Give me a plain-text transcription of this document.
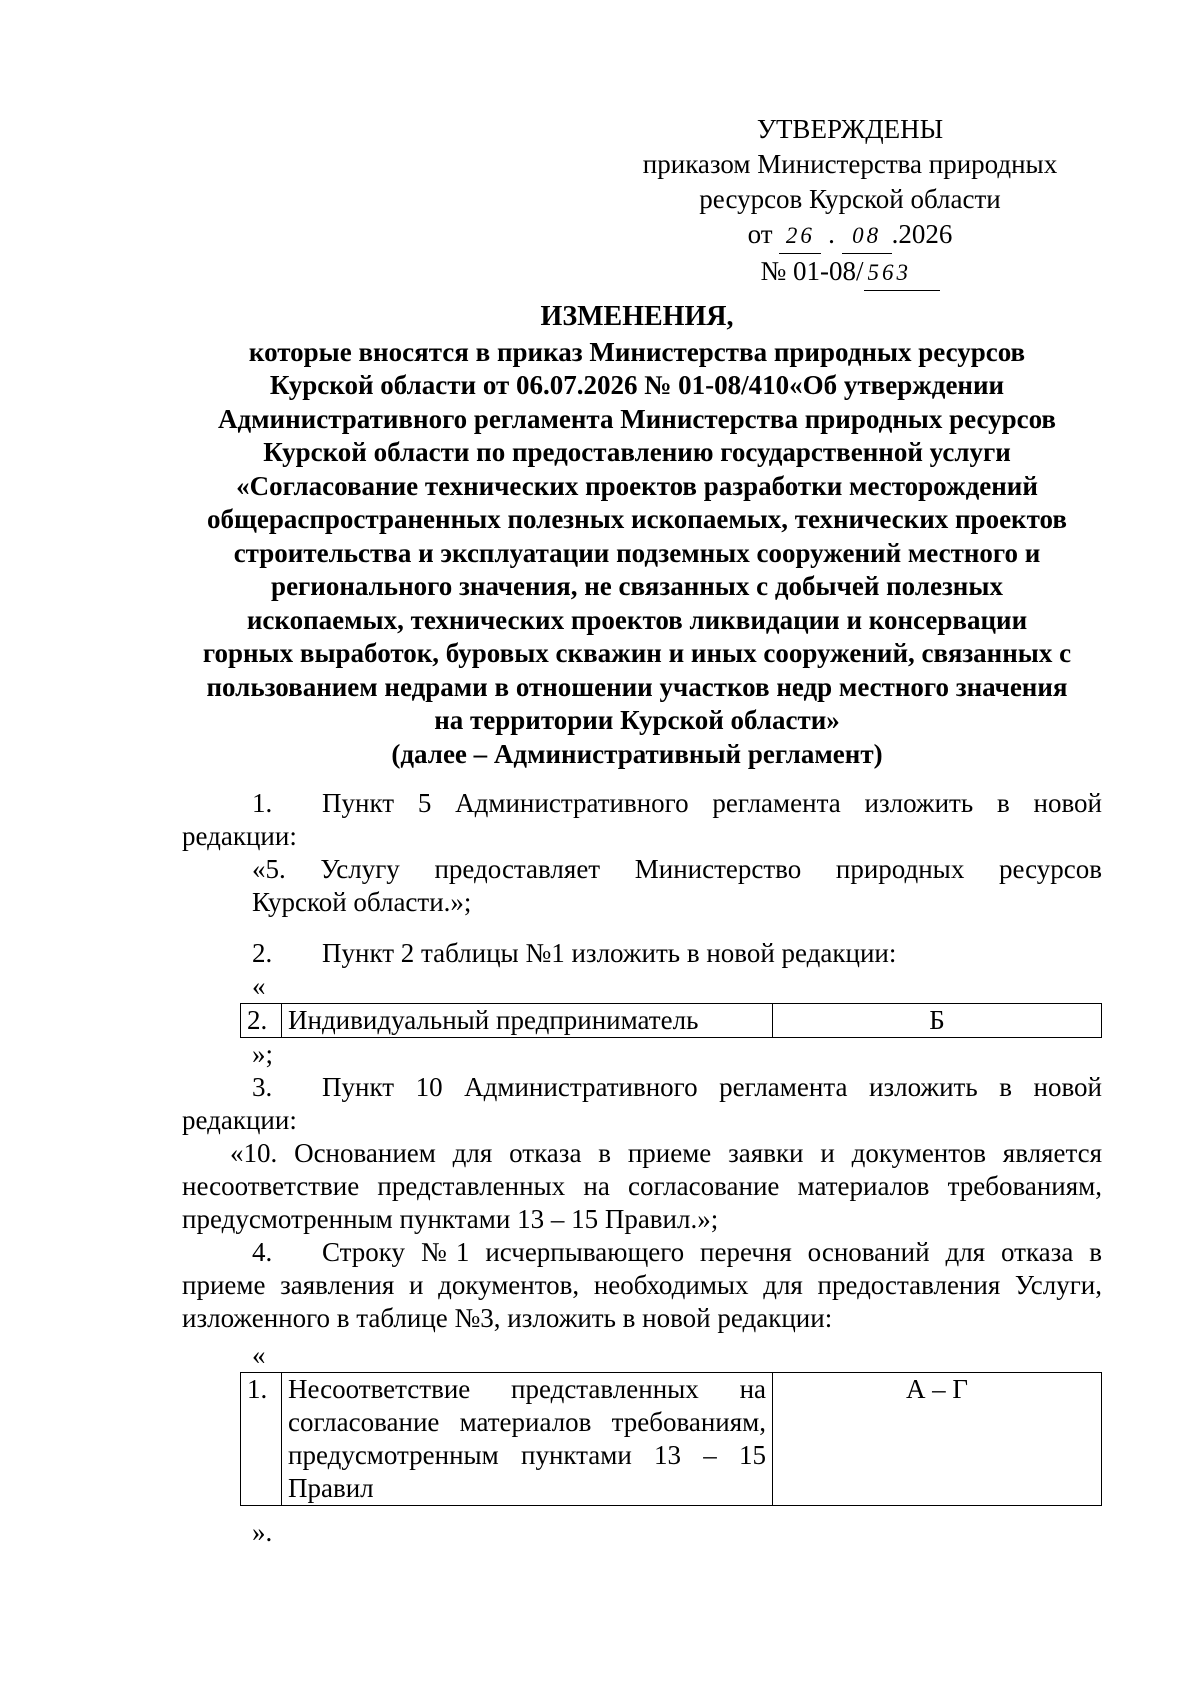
УТВЕРЖДЕНЫ
приказом Министерства природных
ресурсов Курской области
от 26 . 08 .2026
№ 01-08/ 563
ИЗМЕНЕНИЯ,
которые вносятся в приказ Министерства природных ресурсов
Курской области от 06.07.2026 № 01-08/410«Об утверждении
Административного регламента Министерства природных ресурсов
Курской области по предоставлению государственной услуги
«Согласование технических проектов разработки месторождений
общераспространенных полезных ископаемых, технических проектов
строительства и эксплуатации подземных сооружений местного и
регионального значения, не связанных с добычей полезных
ископаемых, технических проектов ликвидации и консервации
горных выработок, буровых скважин и иных сооружений, связанных с
пользованием недрами в отношении участков недр местного значения
на территории Курской области»
(далее – Административный регламент)
1.	Пункт 5 Административного регламента изложить в новой
редакции:
«5. Услугу предоставляет Министерство природных ресурсов
Курской области.»;
2.	Пункт 2 таблицы №1 изложить в новой редакции:
«
2.	Индивидуальный предприниматель	Б
»;
3.	Пункт 10 Административного регламента изложить в новой
редакции:
«10. Основанием для отказа в приеме заявки и документов является несоответствие представленных на согласование материалов требованиям, предусмотренным пунктами 13 – 15 Правил.»;
4. Строку №1 исчерпывающего перечня оснований для отказа в приеме заявления и документов, необходимых для предоставления Услуги, изложенного в таблице №3, изложить в новой редакции:
«
1.	Несоответствие представленных на согласование материалов требованиям, предусмотренным пунктами 13 – 15 Правил	А – Г
».
